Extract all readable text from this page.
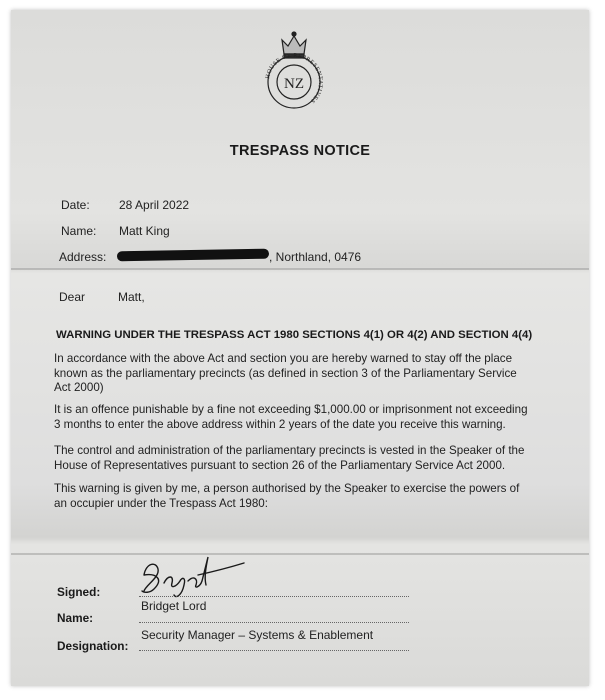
NZ
HOUSE OF REPRESENTATIVES
TRESPASS NOTICE
Date: 28 April 2022
Name: Matt King
Address:	, Northland, 0476
Dear	Matt,
WARNING UNDER THE TRESPASS ACT 1980 SECTIONS 4(1) OR 4(2) AND SECTION 4(4)
In accordance with the above Act and section you are hereby warned to stay off the place
known as the parliamentary precincts (as defined in section 3 of the Parliamentary Service
Act 2000)
It is an offence punishable by a fine not exceeding $1,000.00 or imprisonment not exceeding
3 months to enter the above address within 2 years of the date you receive this warning.
The control and administration of the parliamentary precincts is vested in the Speaker of the
House of Representatives pursuant to section 26 of the Parliamentary Service Act 2000.
This warning is given by me, a person authorised by the Speaker to exercise the powers of
an occupier under the Trespass Act 1980:
Signed:
Bridget Lord
Name:
Security Manager – Systems & Enablement
Designation:
